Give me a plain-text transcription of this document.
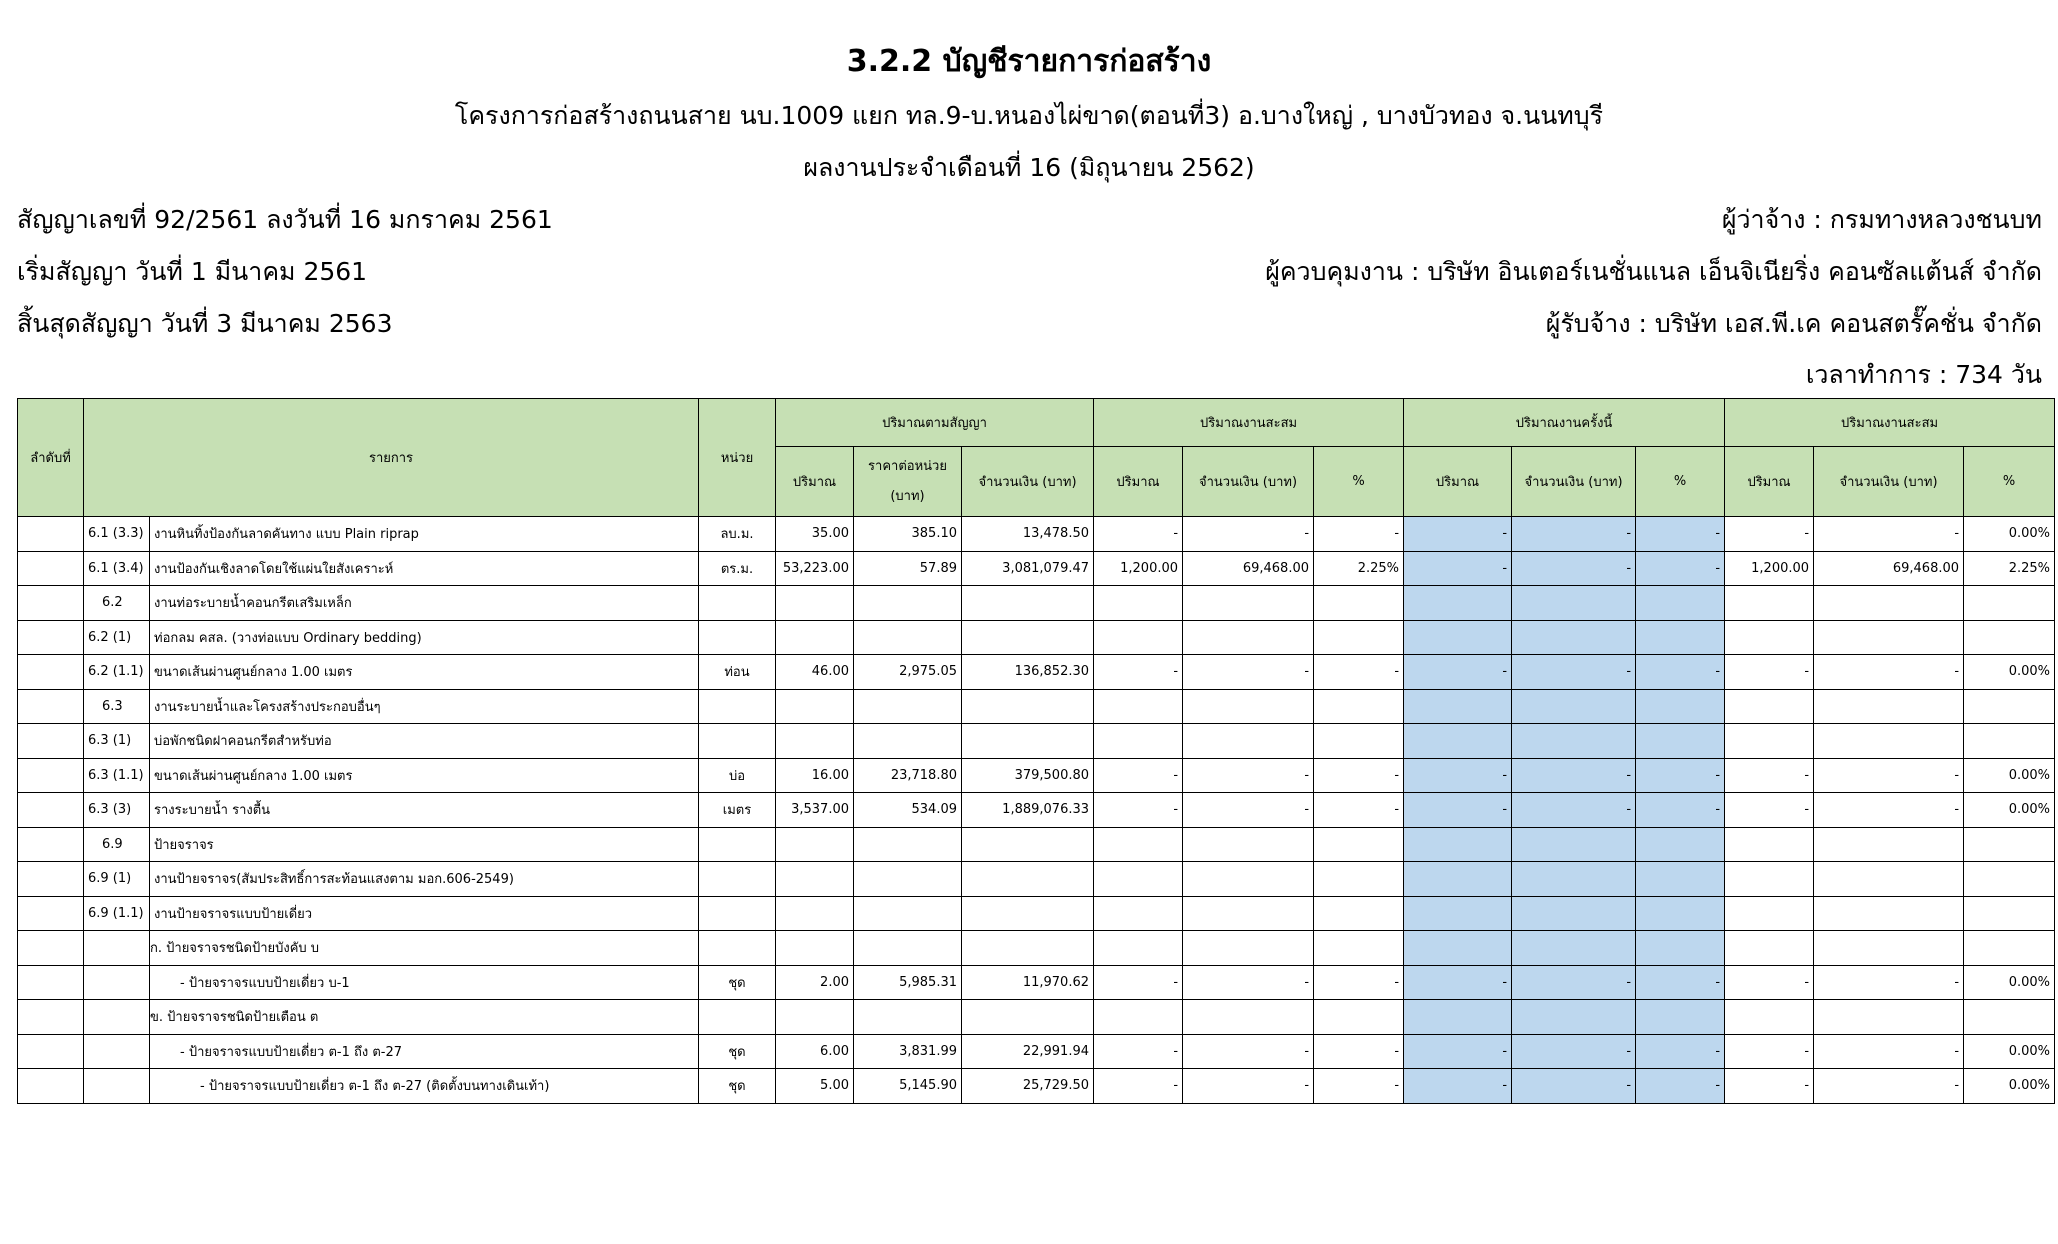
3.2.2 บัญชีรายการก่อสร้าง
โครงการก่อสร้างถนนสาย นบ.1009 แยก ทล.9-บ.หนองไผ่ขาด(ตอนที่3) อ.บางใหญ่ , บางบัวทอง จ.นนทบุรี
ผลงานประจำเดือนที่ 16 (มิถุนายน 2562)
สัญญาเลขที่ 92/2561 ลงวันที่ 16 มกราคม 2561	ผู้ว่าจ้าง : กรมทางหลวงชนบท
เริ่มสัญญา วันที่ 1 มีนาคม 2561	ผู้ควบคุมงาน : บริษัท อินเตอร์เนชั่นแนล เอ็นจิเนียริ่ง คอนซัลแต้นส์ จำกัด
สิ้นสุดสัญญา วันที่ 3 มีนาคม 2563	ผู้รับจ้าง : บริษัท เอส.พี.เค คอนสตรั๊คชั่น จำกัด
เวลาทำการ : 734 วัน
ลำดับที่	รายการ		หน่วย	ปริมาณตามสัญญา			ปริมาณงานสะสม			ปริมาณงานครั้งนี้			ปริมาณงานสะสม		
				ปริมาณ	ราคาต่อหน่วย (บาท)	จำนวนเงิน (บาท)	ปริมาณ	จำนวนเงิน (บาท)	%	ปริมาณ	จำนวนเงิน (บาท)	%	ปริมาณ	จำนวนเงิน (บาท)	%
	6.1 (3.3)	งานหินทิ้งป้องกันลาดคันทาง แบบ Plain riprap	ลบ.ม.	35.00	385.10	13,478.50	-	-	-	-	-	-	-	-	0.00%
	6.1 (3.4)	งานป้องกันเชิงลาดโดยใช้แผ่นใยสังเคราะห์	ตร.ม.	53,223.00	57.89	3,081,079.47	1,200.00	69,468.00	2.25%	-	-	-	1,200.00	69,468.00	2.25%
	6.2	งานท่อระบายน้ำคอนกรีตเสริมเหล็ก													
	6.2 (1)	ท่อกลม คสล. (วางท่อแบบ Ordinary bedding)													
	6.2 (1.1)	ขนาดเส้นผ่านศูนย์กลาง 1.00 เมตร	ท่อน	46.00	2,975.05	136,852.30	-	-	-	-	-	-	-	-	0.00%
	6.3	งานระบายน้ำและโครงสร้างประกอบอื่นๆ													
	6.3 (1)	บ่อพักชนิดฝาคอนกรีตสำหรับท่อ													
	6.3 (1.1)	ขนาดเส้นผ่านศูนย์กลาง 1.00 เมตร	บ่อ	16.00	23,718.80	379,500.80	-	-	-	-	-	-	-	-	0.00%
	6.3 (3)	รางระบายน้ำ รางตื้น	เมตร	3,537.00	534.09	1,889,076.33	-	-	-	-	-	-	-	-	0.00%
	6.9	ป้ายจราจร													
	6.9 (1)	งานป้ายจราจร(สัมประสิทธิ์การสะท้อนแสงตาม มอก.606-2549)													
	6.9 (1.1)	งานป้ายจราจรแบบป้ายเดี่ยว													
		ก. ป้ายจราจรชนิดป้ายบังคับ บ													
		- ป้ายจราจรแบบป้ายเดี่ยว บ-1	ชุด	2.00	5,985.31	11,970.62	-	-	-	-	-	-	-	-	0.00%
		ข. ป้ายจราจรชนิดป้ายเตือน ต													
		- ป้ายจราจรแบบป้ายเดี่ยว ต-1 ถึง ต-27	ชุด	6.00	3,831.99	22,991.94	-	-	-	-	-	-	-	-	0.00%
		- ป้ายจราจรแบบป้ายเดี่ยว ต-1 ถึง ต-27 (ติดตั้งบนทางเดินเท้า)	ชุด	5.00	5,145.90	25,729.50	-	-	-	-	-	-	-	-	0.00%
